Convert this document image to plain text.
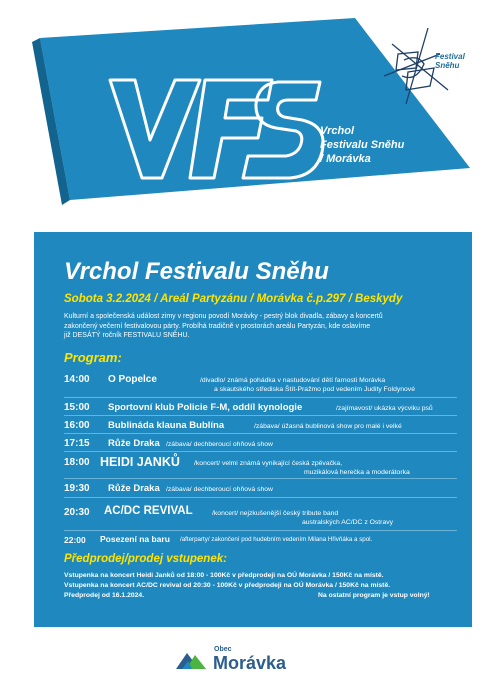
Vrchol
Festivalu Sněhu
/ Morávka
Festival
Sněhu
Vrchol Festivalu Sněhu
Sobota 3.2.2024 / Areál Partyzánu / Morávka č.p.297 / Beskydy
Kulturní a společenská událost zimy v regionu povodí Morávky - pestrý blok divadla, zábavy a koncertů
zakončený večerní festivalovou párty. Probíhá tradičně v prostorách areálu Partyzán, kde oslavíme
již DESÁTÝ ročník FESTIVALU SNĚHU.
Program:
14:00 O Popelce	/divadlo/ známá pohádka v nastudování dětí farnosti Morávka
a skautského střediska Štít-Pražmo pod vedením Judity Foldynové
15:00 Sportovní klub Policie F-M, oddíl kynologie	/zajímavost/ ukázka výcviku psů
16:00 Bublináda klauna Bublína	/zábava/ úžasná bublinová show pro malé i velké
17:15 Růže Draka /zábava/ dechberoucí ohňová show
18:00 HEIDI JANKŮ /koncert/ velmi známá vynikající česká zpěvačka,
muzikálová herečka a moderátorka
19:30 Růže Draka /zábava/ dechberoucí ohňová show
20:30 AC/DC REVIVAL	/koncert/ nejzkušenější český tribute band
australských AC/DC z Ostravy
22:00 Posezení na baru /afterparty/ zakončení pod hudebním vedením Milana Hřivňáka a spol.
Předprodej/prodej vstupenek:
Vstupenka na koncert Heidi Janků od 18:00 - 100Kč v předprodeji na OÚ Morávka / 150Kč na místě.
Vstupenka na koncert AC/DC revival od 20:30 - 100Kč v předprodeji na OÚ Morávka / 150Kč na místě.
Předprodej od 16.1.2024.	Na ostatní program je vstup volný!
Obec
Morávka
